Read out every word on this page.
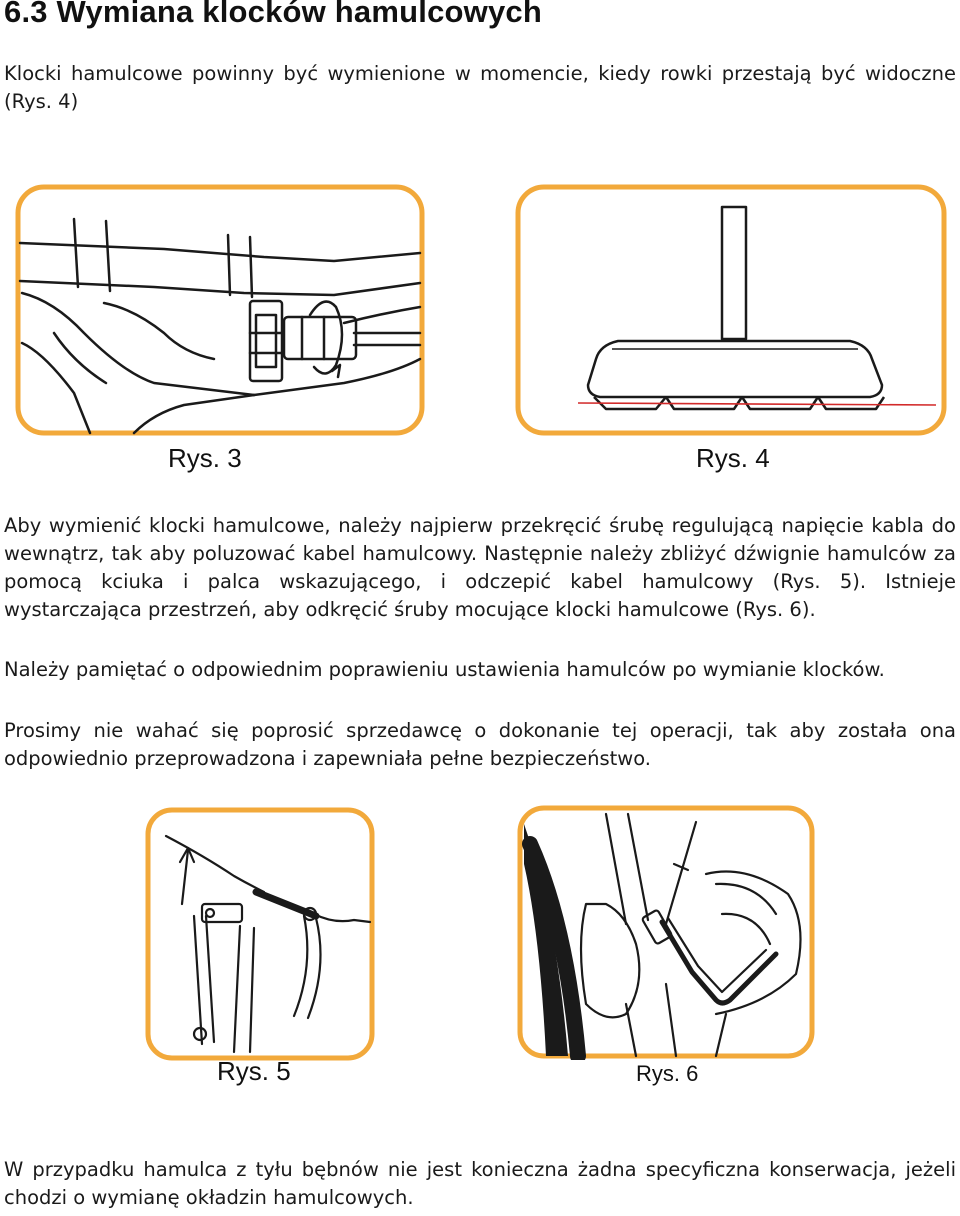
6.3 Wymiana klocków hamulcowych

Klocki hamulcowe powinny być wymienione w momencie, kiedy rowki przestają być widoczne (Rys. 4)

Rys. 3	Rys. 4

Aby wymienić klocki hamulcowe, należy najpierw przekręcić śrubę regulującą napięcie kabla do wewnątrz, tak aby poluzować kabel hamulcowy. Następnie należy zbliżyć dźwignie hamulców za pomocą kciuka i palca wskazującego, i odczepić kabel hamulcowy (Rys. 5). Istnieje wystarczająca przestrzeń, aby odkręcić śruby mocujące klocki hamulcowe (Rys. 6).

Należy pamiętać o odpowiednim poprawieniu ustawienia hamulców po wymianie klocków.

Prosimy nie wahać się poprosić sprzedawcę o dokonanie tej operacji, tak aby została ona odpowiednio przeprowadzona i zapewniała pełne bezpieczeństwo.

Rys. 5	Rys. 6

W przypadku hamulca z tyłu bębnów nie jest konieczna żadna specyficzna konserwacja, jeżeli chodzi o wymianę okładzin hamulcowych.
